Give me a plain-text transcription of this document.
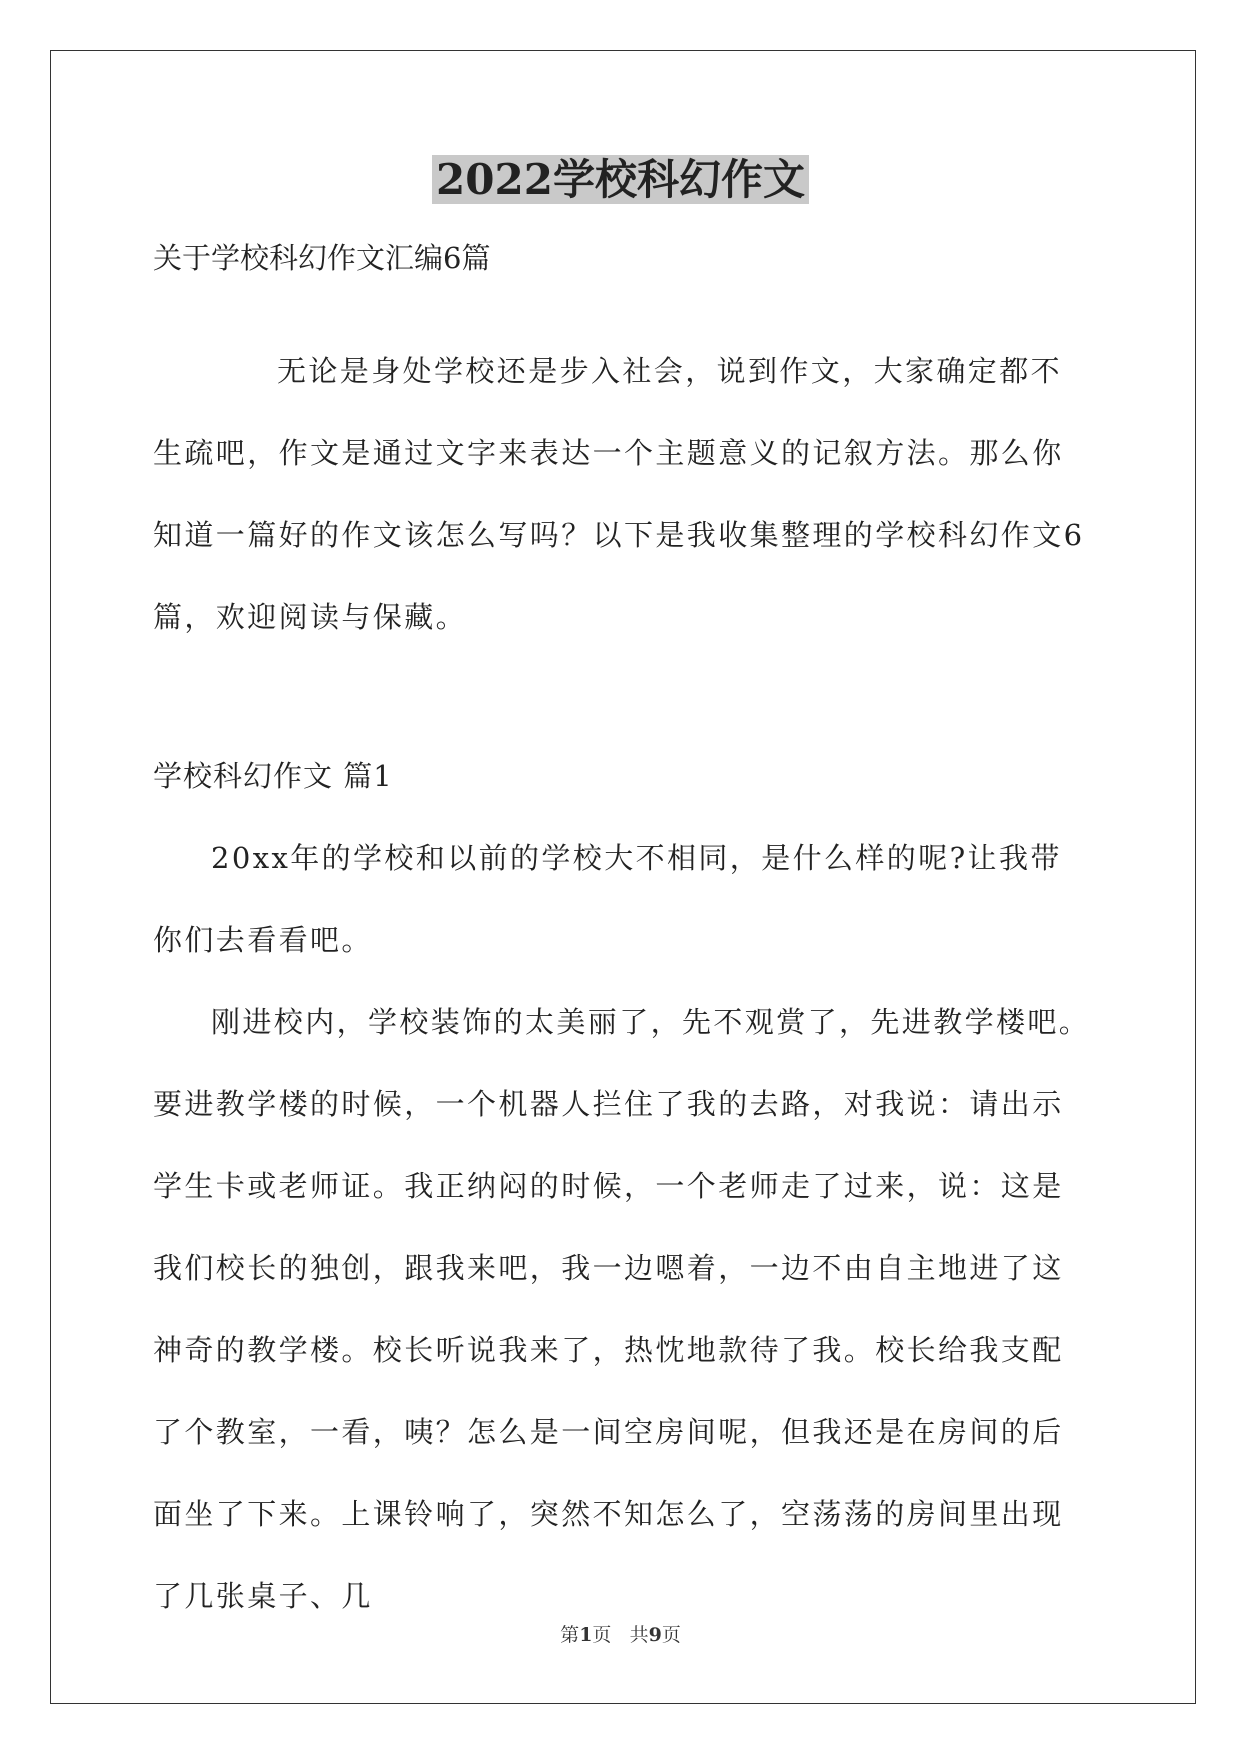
2022学校科幻作文
关于学校科幻作文汇编6篇

无论是身处学校还是步入社会，说到作文，大家确定都不生疏吧，作文是通过文字来表达一个主题意义的记叙方法。那么你知道一篇好的作文该怎么写吗？以下是我收集整理的学校科幻作文6篇，欢迎阅读与保藏。

学校科幻作文 篇1

20xx年的学校和以前的学校大不相同，是什么样的呢?让我带你们去看看吧。

刚进校内，学校装饰的太美丽了，先不观赏了，先进教学楼吧。要进教学楼的时候，一个机器人拦住了我的去路，对我说：请出示学生卡或老师证。我正纳闷的时候，一个老师走了过来，说：这是我们校长的独创，跟我来吧，我一边嗯着，一边不由自主地进了这神奇的教学楼。校长听说我来了，热忱地款待了我。校长给我支配了个教室，一看，咦？怎么是一间空房间呢，但我还是在房间的后面坐了下来。上课铃响了，突然不知怎么了，空荡荡的房间里出现了几张桌子、几

第1页 共9页
